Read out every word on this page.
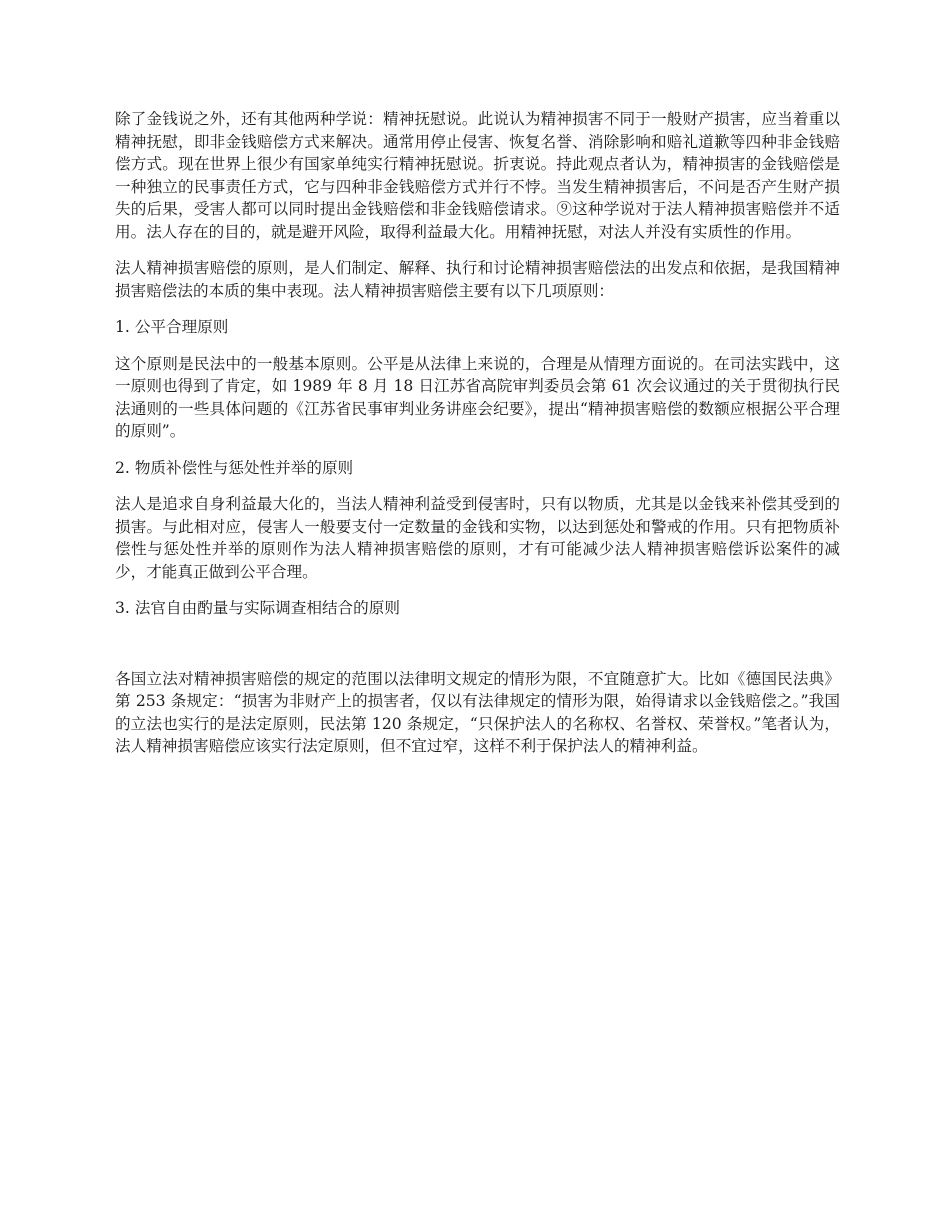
除了金钱说之外，还有其他两种学说：精神抚慰说。此说认为精神损害不同于一般财产损害，应当着重以精神抚慰，即非金钱赔偿方式来解决。通常用停止侵害、恢复名誉、消除影响和赔礼道歉等四种非金钱赔偿方式。现在世界上很少有国家单纯实行精神抚慰说。折衷说。持此观点者认为，精神损害的金钱赔偿是一种独立的民事责任方式，它与四种非金钱赔偿方式并行不悖。当发生精神损害后，不问是否产生财产损失的后果，受害人都可以同时提出金钱赔偿和非金钱赔偿请求。⑨这种学说对于法人精神损害赔偿并不适用。法人存在的目的，就是避开风险，取得利益最大化。用精神抚慰，对法人并没有实质性的作用。

法人精神损害赔偿的原则，是人们制定、解释、执行和讨论精神损害赔偿法的出发点和依据，是我国精神损害赔偿法的本质的集中表现。法人精神损害赔偿主要有以下几项原则：

1. 公平合理原则

这个原则是民法中的一般基本原则。公平是从法律上来说的，合理是从情理方面说的。在司法实践中，这一原则也得到了肯定，如 1989 年 8 月 18 日江苏省高院审判委员会第 61 次会议通过的关于贯彻执行民法通则的一些具体问题的《江苏省民事审判业务讲座会纪要》，提出“精神损害赔偿的数额应根据公平合理的原则”。

2. 物质补偿性与惩处性并举的原则

法人是追求自身利益最大化的，当法人精神利益受到侵害时，只有以物质，尤其是以金钱来补偿其受到的损害。与此相对应，侵害人一般要支付一定数量的金钱和实物，以达到惩处和警戒的作用。只有把物质补偿性与惩处性并举的原则作为法人精神损害赔偿的原则，才有可能减少法人精神损害赔偿诉讼案件的减少，才能真正做到公平合理。

3. 法官自由酌量与实际调查相结合的原则

各国立法对精神损害赔偿的规定的范围以法律明文规定的情形为限，不宜随意扩大。比如《德国民法典》第 253 条规定：“损害为非财产上的损害者，仅以有法律规定的情形为限，始得请求以金钱赔偿之。”我国的立法也实行的是法定原则，民法第 120 条规定，“只保护法人的名称权、名誉权、荣誉权。”笔者认为，法人精神损害赔偿应该实行法定原则，但不宜过窄，这样不利于保护法人的精神利益。
